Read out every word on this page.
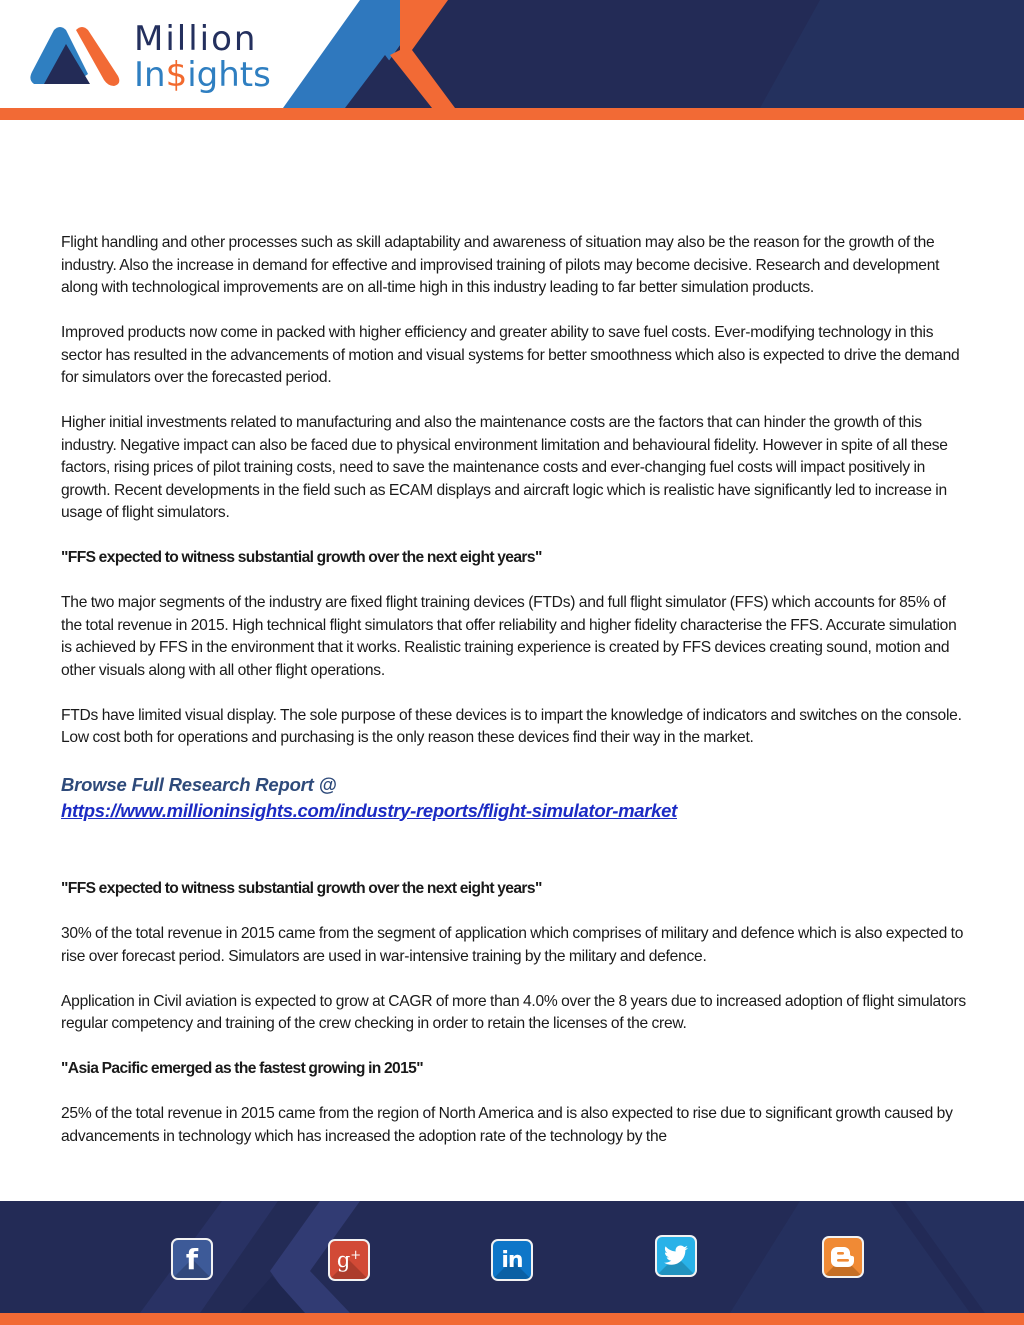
Million
In$ights

Flight handling and other processes such as skill adaptability and awareness of situation may also be the reason for the growth of the industry. Also the increase in demand for effective and improvised training of pilots may become decisive. Research and development along with technological improvements are on all-time high in this industry leading to far better simulation products.

Improved products now come in packed with higher efficiency and greater ability to save fuel costs. Ever-modifying technology in this sector has resulted in the advancements of motion and visual systems for better smoothness which also is expected to drive the demand for simulators over the forecasted period.

Higher initial investments related to manufacturing and also the maintenance costs are the factors that can hinder the growth of this industry. Negative impact can also be faced due to physical environment limitation and behavioural fidelity. However in spite of all these factors, rising prices of pilot training costs, need to save the maintenance costs and ever-changing fuel costs will impact positively in growth. Recent developments in the field such as ECAM displays and aircraft logic which is realistic have significantly led to increase in usage of flight simulators.

"FFS expected to witness substantial growth over the next eight years"

The two major segments of the industry are fixed flight training devices (FTDs) and full flight simulator (FFS) which accounts for 85% of the total revenue in 2015. High technical flight simulators that offer reliability and higher fidelity characterise the FFS. Accurate simulation is achieved by FFS in the environment that it works. Realistic training experience is created by FFS devices creating sound, motion and other visuals along with all other flight operations.

FTDs have limited visual display. The sole purpose of these devices is to impart the knowledge of indicators and switches on the console. Low cost both for operations and purchasing is the only reason these devices find their way in the market.

Browse Full Research Report @
https://www.millioninsights.com/industry-reports/flight-simulator-market

"FFS expected to witness substantial growth over the next eight years"

30% of the total revenue in 2015 came from the segment of application which comprises of military and defence which is also expected to rise over forecast period. Simulators are used in war-intensive training by the military and defence.

Application in Civil aviation is expected to grow at CAGR of more than 4.0% over the 8 years due to increased adoption of flight simulators regular competency and training of the crew checking in order to retain the licenses of the crew.

"Asia Pacific emerged as the fastest growing in 2015"

25% of the total revenue in 2015 came from the region of North America and is also expected to rise due to significant growth caused by advancements in technology which has increased the adoption rate of the technology by the

f	g+	in
